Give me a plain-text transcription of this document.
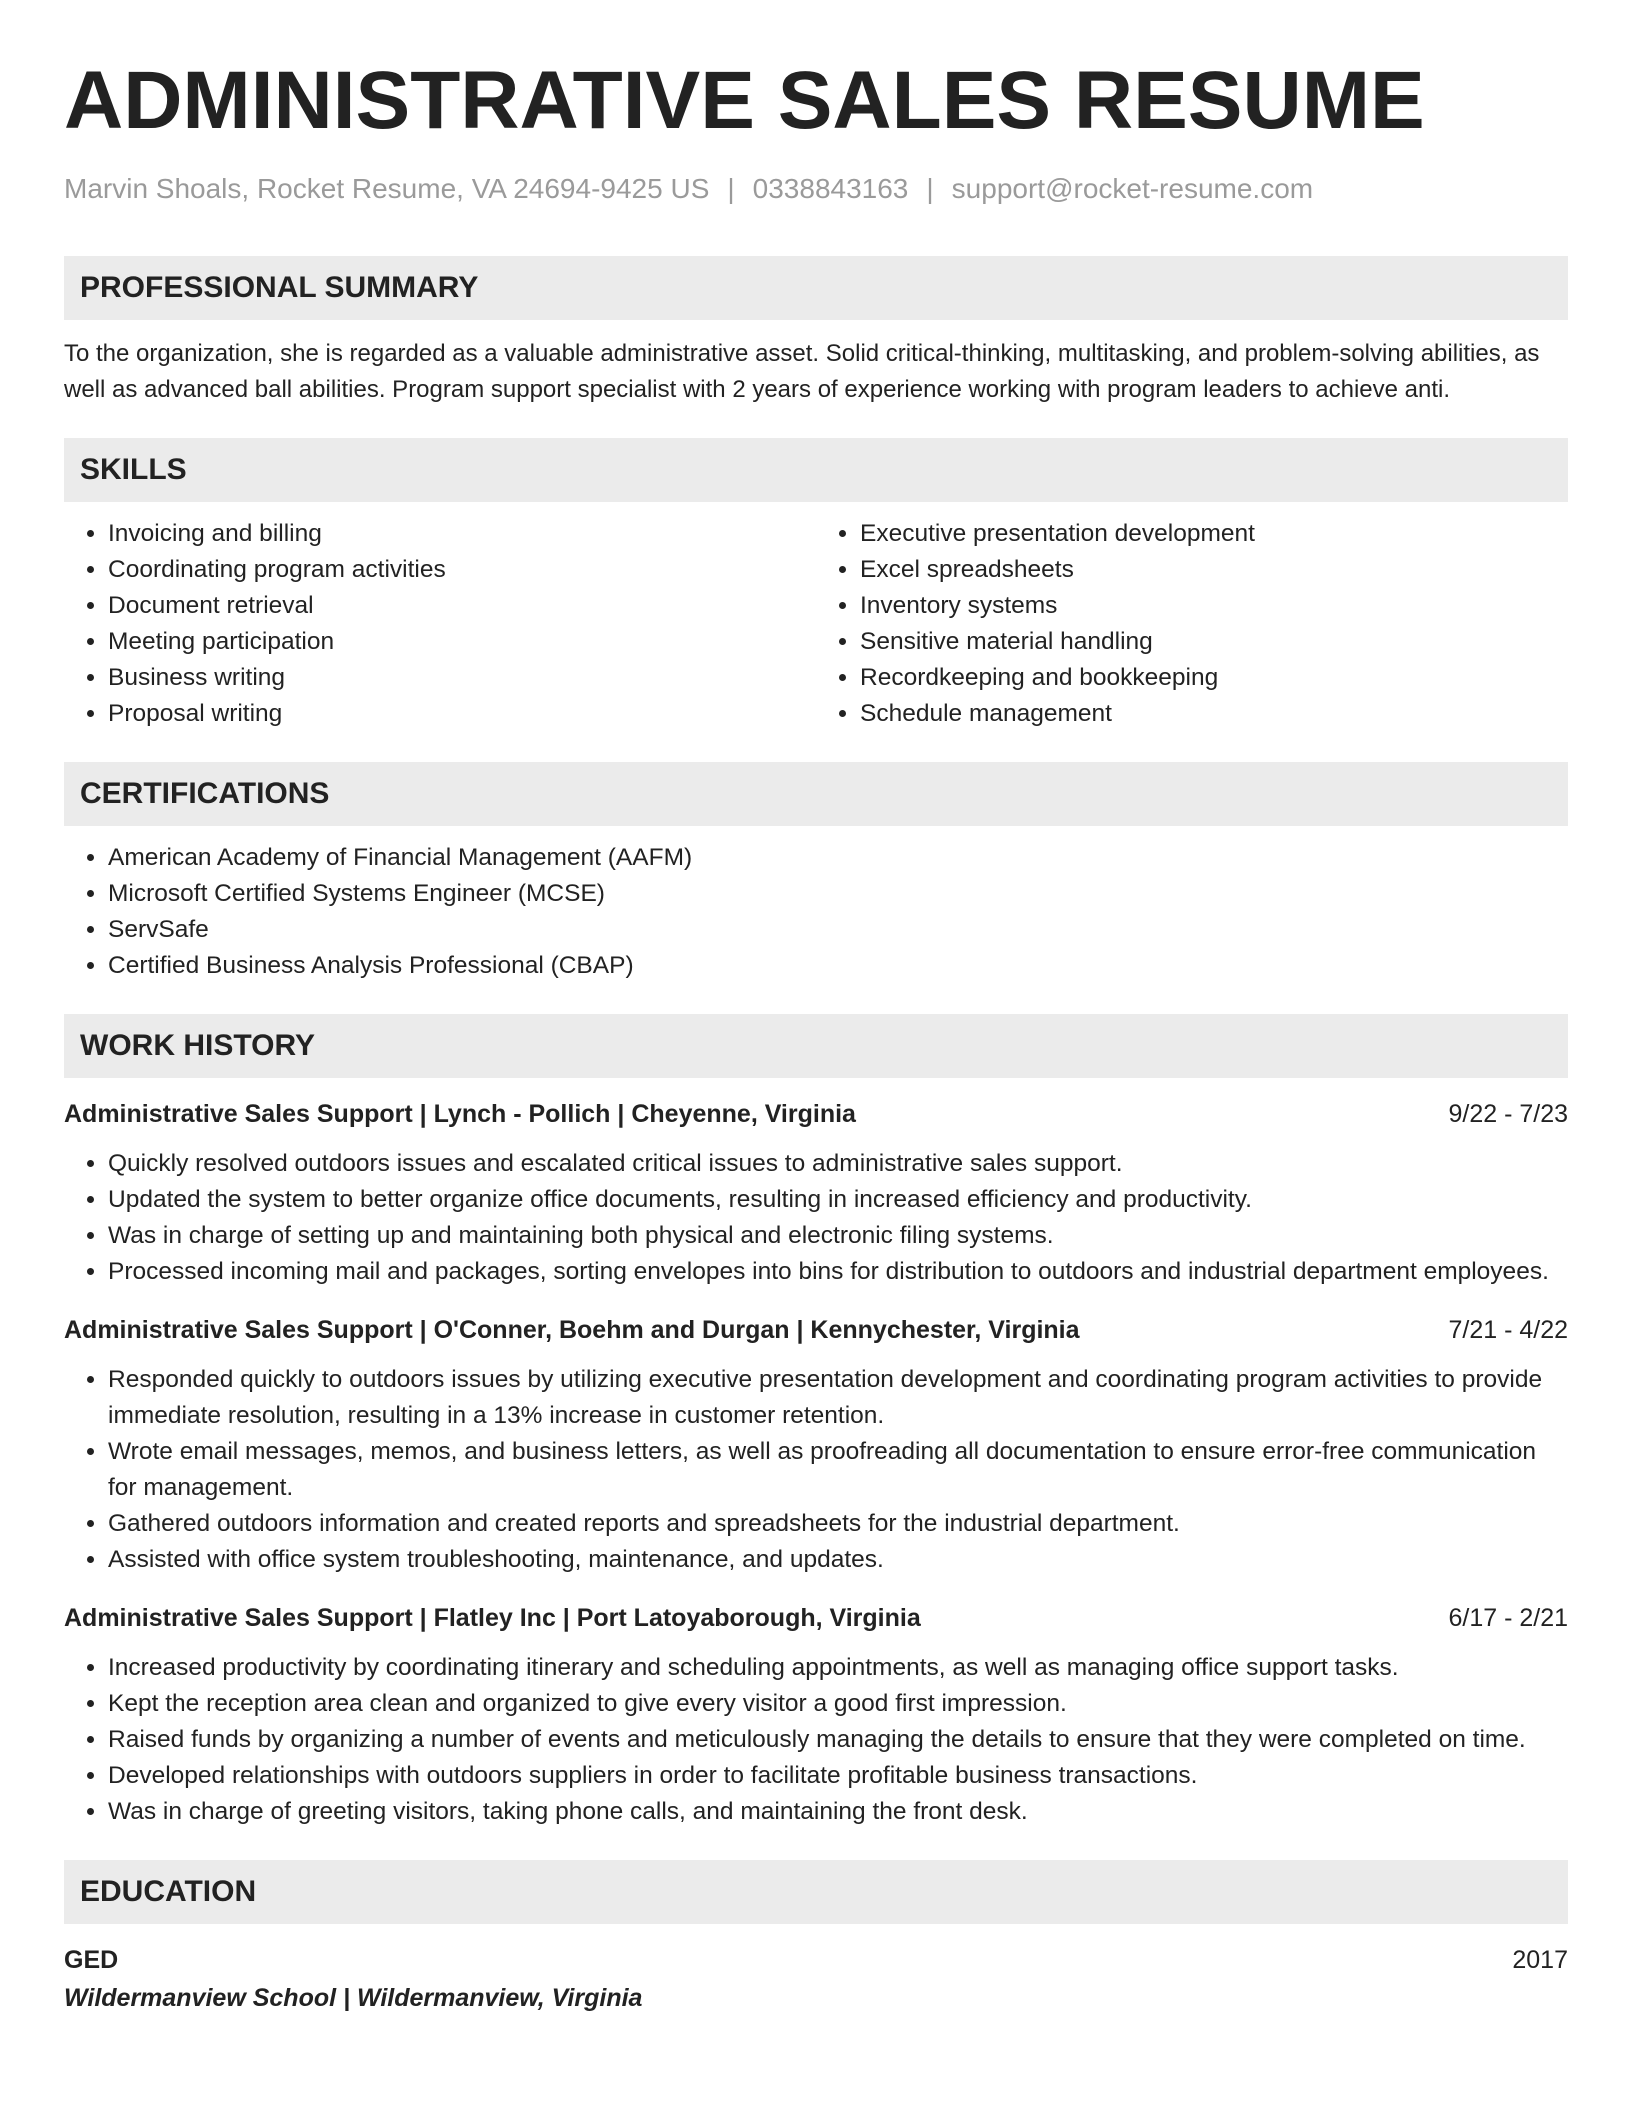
ADMINISTRATIVE SALES RESUME
Marvin Shoals, Rocket Resume, VA 24694-9425 US | 0338843163 | support@rocket-resume.com
PROFESSIONAL SUMMARY
To the organization, she is regarded as a valuable administrative asset. Solid critical-thinking, multitasking, and problem-solving abilities, as well as advanced ball abilities. Program support specialist with 2 years of experience working with program leaders to achieve anti.
SKILLS
• Invoicing and billing
• Coordinating program activities
• Document retrieval
• Meeting participation
• Business writing
• Proposal writing
• Executive presentation development
• Excel spreadsheets
• Inventory systems
• Sensitive material handling
• Recordkeeping and bookkeeping
• Schedule management
CERTIFICATIONS
• American Academy of Financial Management (AAFM)
• Microsoft Certified Systems Engineer (MCSE)
• ServSafe
• Certified Business Analysis Professional (CBAP)
WORK HISTORY
Administrative Sales Support | Lynch - Pollich | Cheyenne, Virginia	9/22 - 7/23
• Quickly resolved outdoors issues and escalated critical issues to administrative sales support.
• Updated the system to better organize office documents, resulting in increased efficiency and productivity.
• Was in charge of setting up and maintaining both physical and electronic filing systems.
• Processed incoming mail and packages, sorting envelopes into bins for distribution to outdoors and industrial department employees.
Administrative Sales Support | O'Conner, Boehm and Durgan | Kennychester, Virginia	7/21 - 4/22
• Responded quickly to outdoors issues by utilizing executive presentation development and coordinating program activities to provide immediate resolution, resulting in a 13% increase in customer retention.
• Wrote email messages, memos, and business letters, as well as proofreading all documentation to ensure error-free communication for management.
• Gathered outdoors information and created reports and spreadsheets for the industrial department.
• Assisted with office system troubleshooting, maintenance, and updates.
Administrative Sales Support | Flatley Inc | Port Latoyaborough, Virginia	6/17 - 2/21
• Increased productivity by coordinating itinerary and scheduling appointments, as well as managing office support tasks.
• Kept the reception area clean and organized to give every visitor a good first impression.
• Raised funds by organizing a number of events and meticulously managing the details to ensure that they were completed on time.
• Developed relationships with outdoors suppliers in order to facilitate profitable business transactions.
• Was in charge of greeting visitors, taking phone calls, and maintaining the front desk.
EDUCATION
GED	2017
Wildermanview School | Wildermanview, Virginia
